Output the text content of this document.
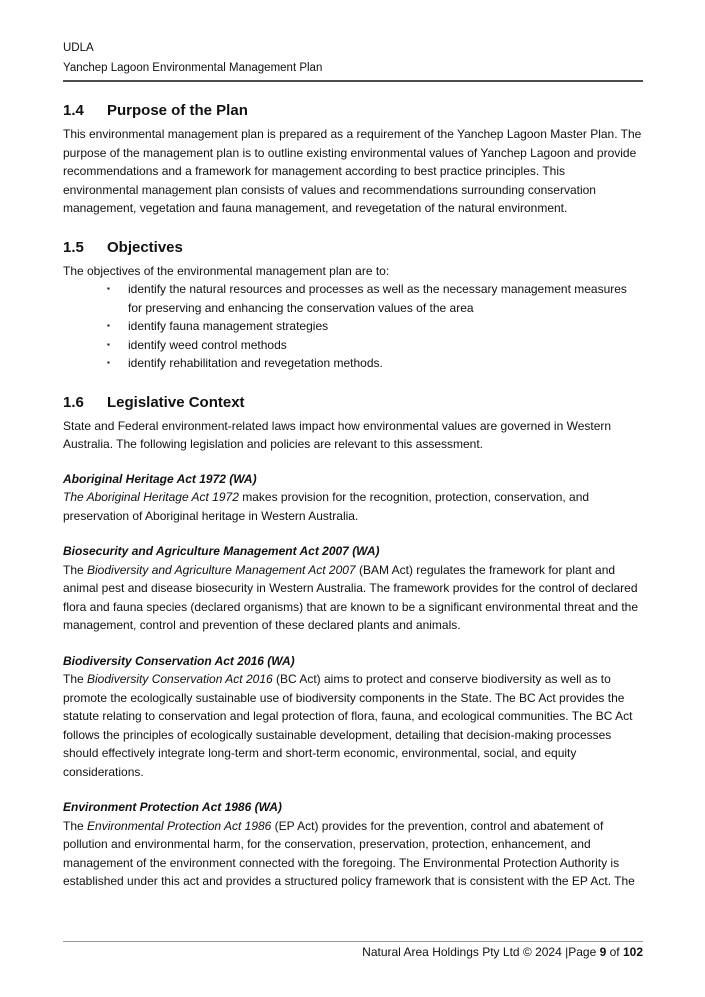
UDLA
Yanchep Lagoon Environmental Management Plan
1.4	Purpose of the Plan

This environmental management plan is prepared as a requirement of the Yanchep Lagoon Master Plan. The purpose of the management plan is to outline existing environmental values of Yanchep Lagoon and provide recommendations and a framework for management according to best practice principles. This environmental management plan consists of values and recommendations surrounding conservation management, vegetation and fauna management, and revegetation of the natural environment.

1.5	Objectives

The objectives of the environmental management plan are to:

▪	identify the natural resources and processes as well as the necessary management measures for preserving and enhancing the conservation values of the area
▪	identify fauna management strategies
▪	identify weed control methods
▪	identify rehabilitation and revegetation methods.
1.6	Legislative Context

State and Federal environment-related laws impact how environmental values are governed in Western Australia. The following legislation and policies are relevant to this assessment.

Aboriginal Heritage Act 1972 (WA)

The Aboriginal Heritage Act 1972 makes provision for the recognition, protection, conservation, and preservation of Aboriginal heritage in Western Australia.

Biosecurity and Agriculture Management Act 2007 (WA)

The Biodiversity and Agriculture Management Act 2007 (BAM Act) regulates the framework for plant and animal pest and disease biosecurity in Western Australia. The framework provides for the control of declared flora and fauna species (declared organisms) that are known to be a significant environmental threat and the management, control and prevention of these declared plants and animals.

Biodiversity Conservation Act 2016 (WA)

The Biodiversity Conservation Act 2016 (BC Act) aims to protect and conserve biodiversity as well as to promote the ecologically sustainable use of biodiversity components in the State. The BC Act provides the statute relating to conservation and legal protection of flora, fauna, and ecological communities. The BC Act follows the principles of ecologically sustainable development, detailing that decision-making processes should effectively integrate long-term and short-term economic, environmental, social, and equity considerations.

Environment Protection Act 1986 (WA)

The Environmental Protection Act 1986 (EP Act) provides for the prevention, control and abatement of pollution and environmental harm, for the conservation, preservation, protection, enhancement, and management of the environment connected with the foregoing. The Environmental Protection Authority is established under this act and provides a structured policy framework that is consistent with the EP Act. The

Natural Area Holdings Pty Ltd © 2024 |Page 9 of 102
